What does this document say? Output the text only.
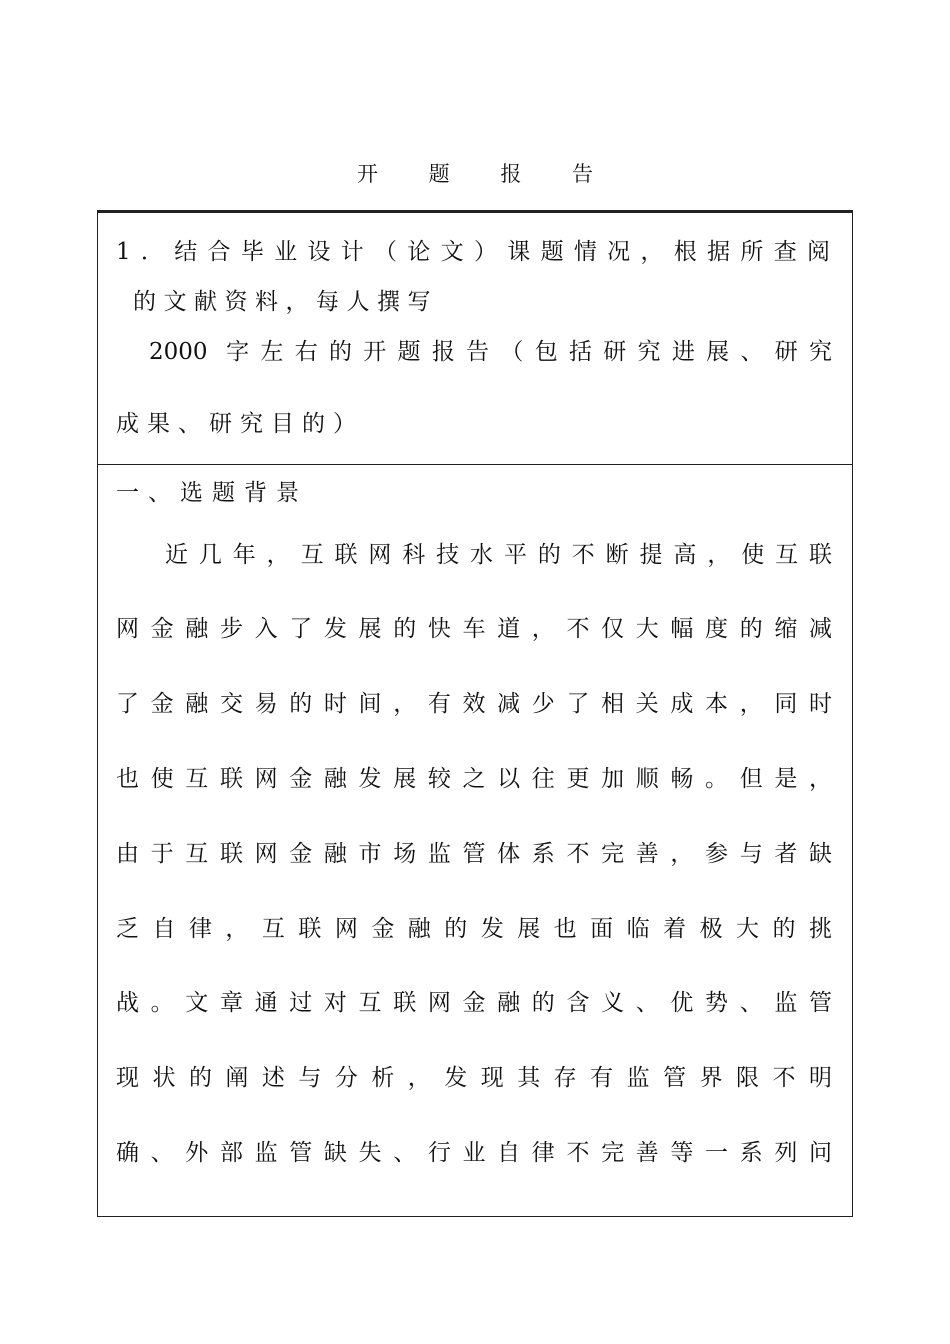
开 题 报 告
1．结合毕业设计（论文）课题情况，根据所查阅
的文献资料，每人撰写
2000 字左右的开题报告（包括研究进展、研究
成果、研究目的）
一、选题背景
近几年，互联网科技水平的不断提高，使互联
网金融步入了发展的快车道，不仅大幅度的缩减
了金融交易的时间，有效减少了相关成本，同时
也使互联网金融发展较之以往更加顺畅。但是，
由于互联网金融市场监管体系不完善，参与者缺
乏自律，互联网金融的发展也面临着极大的挑
战。文章通过对互联网金融的含义、优势、监管
现状的阐述与分析，发现其存有监管界限不明
确、外部监管缺失、行业自律不完善等一系列问
